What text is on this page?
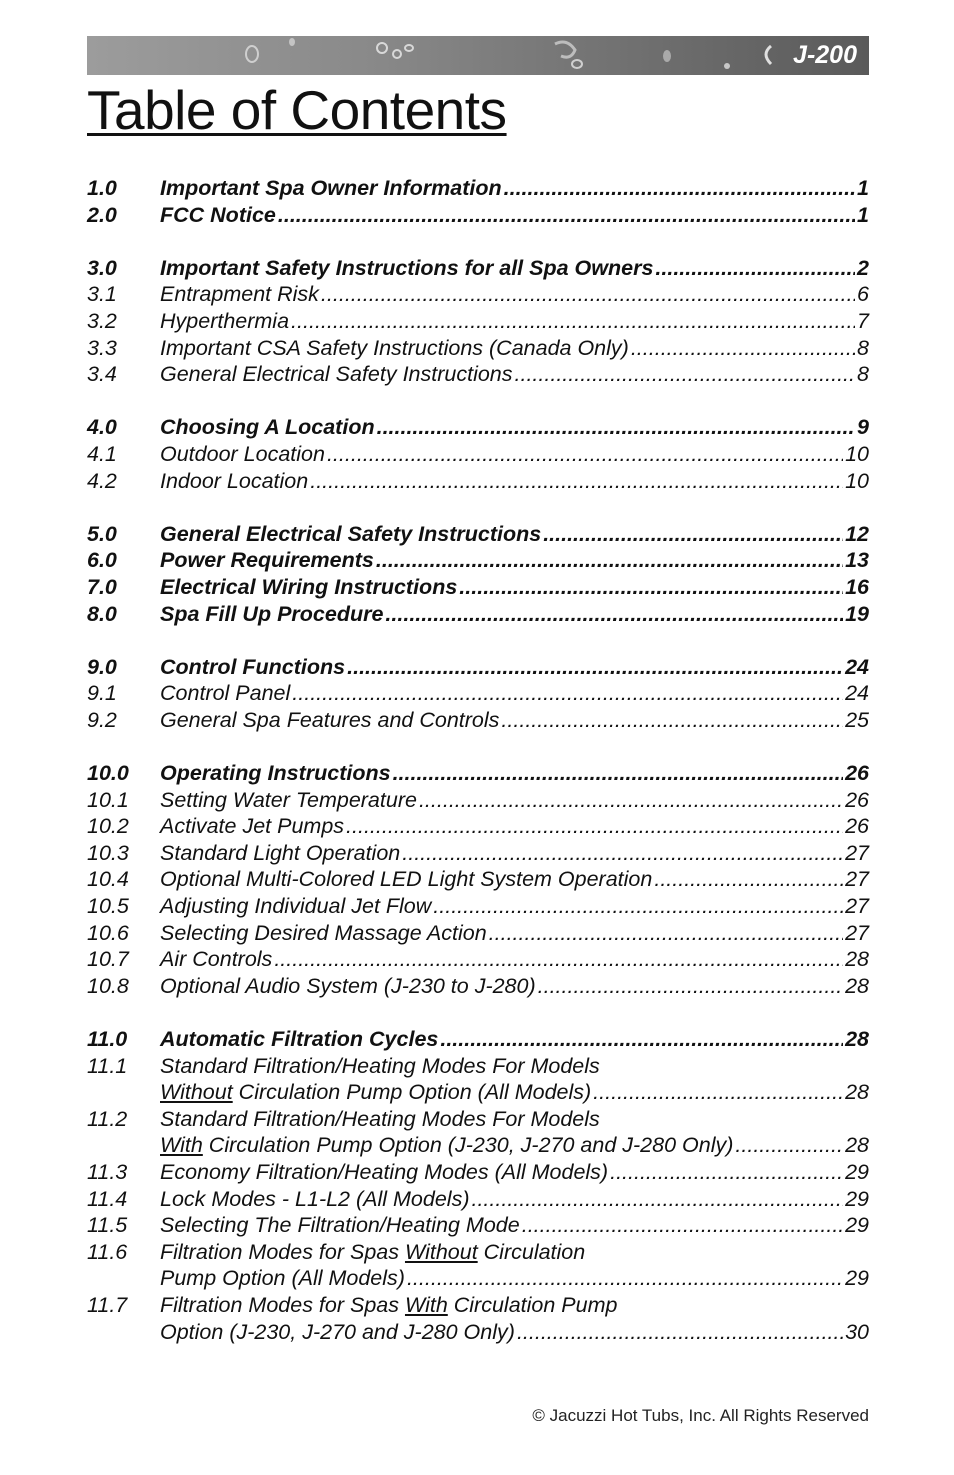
J-200
Table of Contents
1.0	Important Spa Owner Information .....	1
2.0	FCC Notice .....	1
3.0	Important Safety Instructions for all Spa Owners .....	2
3.1	Entrapment Risk .....	6
3.2	Hyperthermia .....	7
3.3	Important CSA Safety Instructions (Canada Only) .....	8
3.4	General Electrical Safety Instructions .....	8
4.0	Choosing A Location .....	9
4.1	Outdoor Location .....	10
4.2	Indoor Location .....	10
5.0	General Electrical Safety Instructions .....	12
6.0	Power Requirements .....	13
7.0	Electrical Wiring Instructions .....	16
8.0	Spa Fill Up Procedure .....	19
9.0	Control Functions .....	24
9.1	Control Panel .....	24
9.2	General Spa Features and Controls .....	25
10.0	Operating Instructions .....	26
10.1	Setting Water Temperature .....	26
10.2	Activate Jet Pumps .....	26
10.3	Standard Light Operation .....	27
10.4	Optional Multi-Colored LED Light System Operation .....	27
10.5	Adjusting Individual Jet Flow .....	27
10.6	Selecting Desired Massage Action .....	27
10.7	Air Controls .....	28
10.8	Optional Audio System (J-230 to J-280) .....	28
11.0	Automatic Filtration Cycles .....	28
11.1	Standard Filtration/Heating Modes For Models
Without Circulation Pump Option (All Models) .....	28
11.2	Standard Filtration/Heating Modes For Models
With Circulation Pump Option (J-230, J-270 and J-280 Only) .....	28
11.3	Economy Filtration/Heating Modes (All Models) .....	29
11.4	Lock Modes - L1-L2 (All Models) .....	29
11.5	Selecting The Filtration/Heating Mode .....	29
11.6	Filtration Modes for Spas Without Circulation
Pump Option (All Models) .....	29
11.7	Filtration Modes for Spas With Circulation Pump
Option (J-230, J-270 and J-280 Only) .....	30
© Jacuzzi Hot Tubs, Inc. All Rights Reserved
